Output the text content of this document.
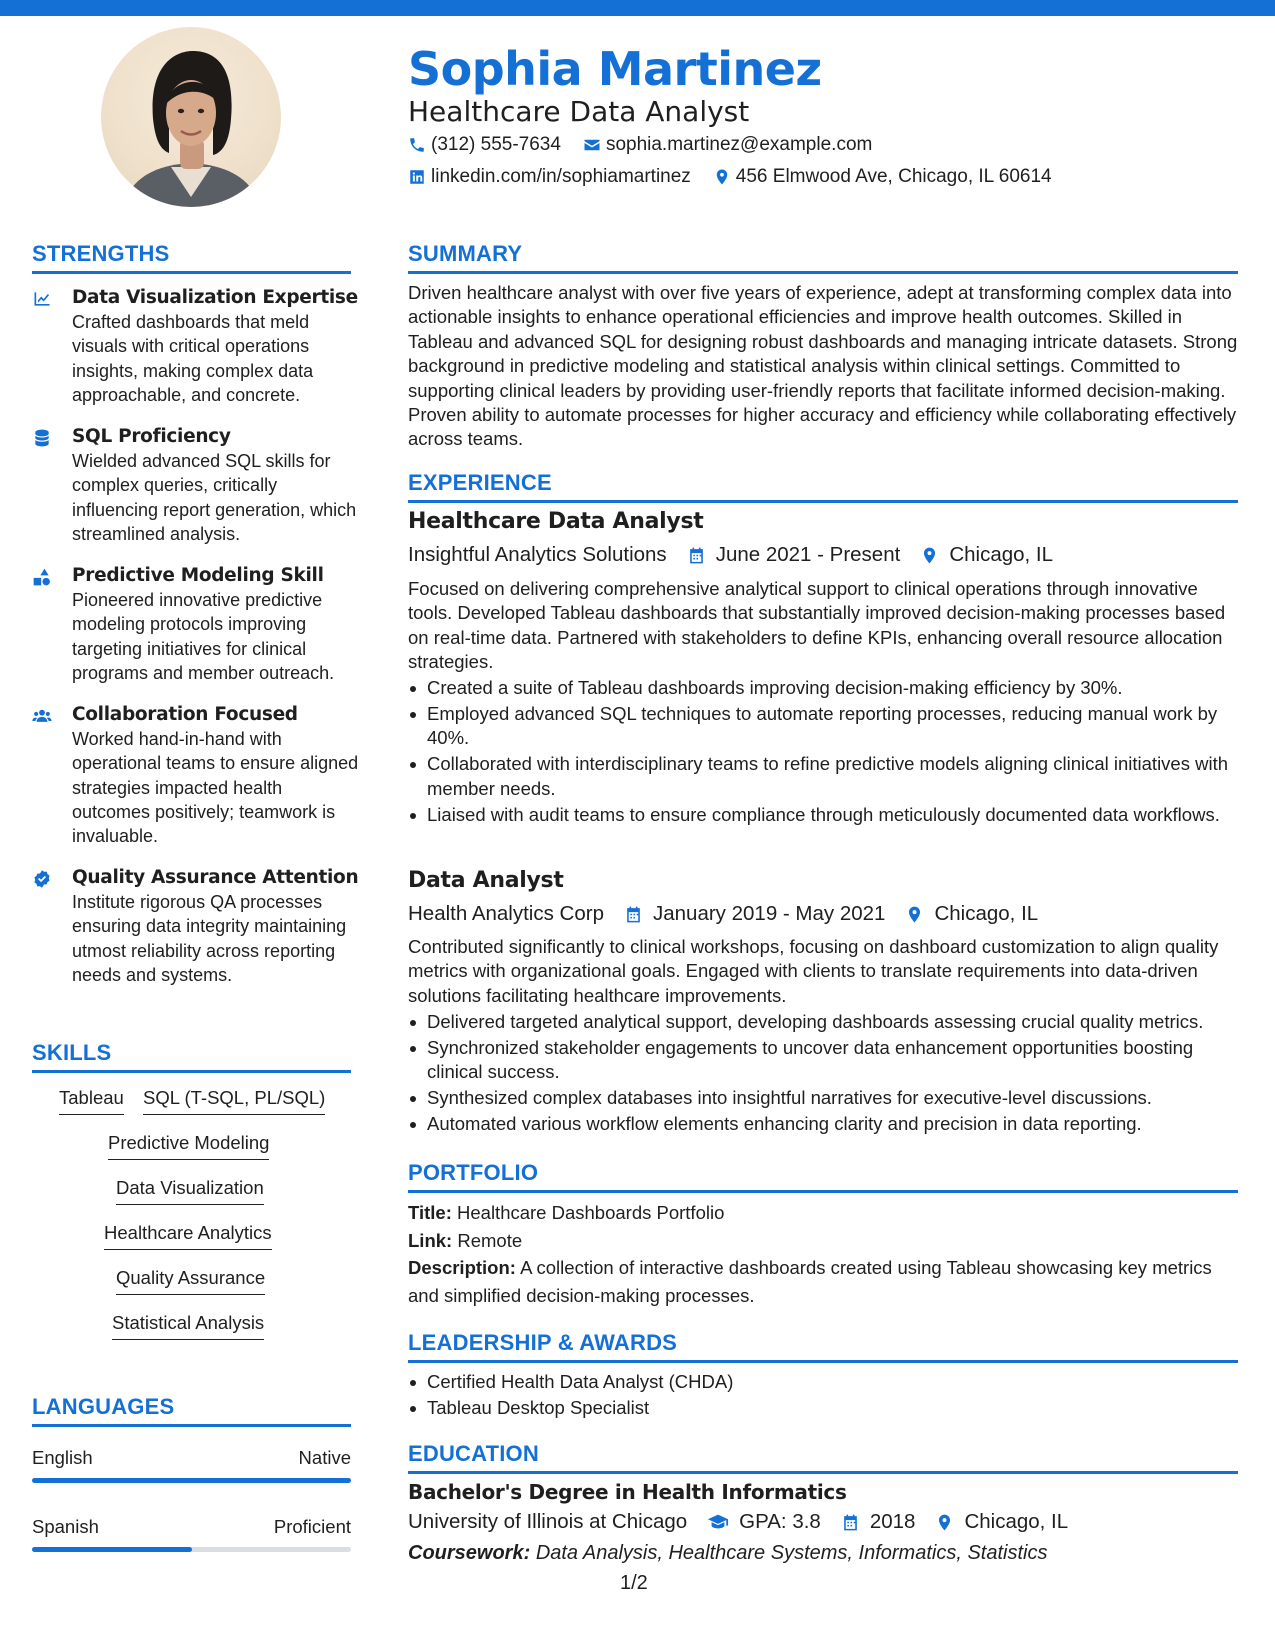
Sophia Martinez
Healthcare Data Analyst
(312) 555-7634 sophia.martinez@example.com
linkedin.com/in/sophiamartinez 456 Elmwood Ave, Chicago, IL 60614
STRENGTHS
Data Visualization Expertise
Crafted dashboards that meld visuals with critical operations insights, making complex data approachable, and concrete.
SQL Proficiency
Wielded advanced SQL skills for complex queries, critically influencing report generation, which streamlined analysis.
Predictive Modeling Skill
Pioneered innovative predictive modeling protocols improving targeting initiatives for clinical programs and member outreach.
Collaboration Focused
Worked hand-in-hand with operational teams to ensure aligned strategies impacted health outcomes positively; teamwork is invaluable.
Quality Assurance Attention
Institute rigorous QA processes ensuring data integrity maintaining utmost reliability across reporting needs and systems.
SKILLS
Tableau SQL (T-SQL, PL/SQL)
Predictive Modeling
Data Visualization
Healthcare Analytics
Quality Assurance
Statistical Analysis
LANGUAGES
English	Native
Spanish	Proficient
SUMMARY
Driven healthcare analyst with over five years of experience, adept at transforming complex data into actionable insights to enhance operational efficiencies and improve health outcomes. Skilled in Tableau and advanced SQL for designing robust dashboards and managing intricate datasets. Strong background in predictive modeling and statistical analysis within clinical settings. Committed to supporting clinical leaders by providing user-friendly reports that facilitate informed decision-making. Proven ability to automate processes for higher accuracy and efficiency while collaborating effectively across teams.
EXPERIENCE
Healthcare Data Analyst
Insightful Analytics Solutions June 2021 - Present Chicago, IL
Focused on delivering comprehensive analytical support to clinical operations through innovative tools. Developed Tableau dashboards that substantially improved decision-making processes based on real-time data. Partnered with stakeholders to define KPIs, enhancing overall resource allocation strategies.
Created a suite of Tableau dashboards improving decision-making efficiency by 30%.
Employed advanced SQL techniques to automate reporting processes, reducing manual work by 40%.
Collaborated with interdisciplinary teams to refine predictive models aligning clinical initiatives with member needs.
Liaised with audit teams to ensure compliance through meticulously documented data workflows.
Data Analyst
Health Analytics Corp January 2019 - May 2021 Chicago, IL
Contributed significantly to clinical workshops, focusing on dashboard customization to align quality metrics with organizational goals. Engaged with clients to translate requirements into data-driven solutions facilitating healthcare improvements.
Delivered targeted analytical support, developing dashboards assessing crucial quality metrics.
Synchronized stakeholder engagements to uncover data enhancement opportunities boosting clinical success.
Synthesized complex databases into insightful narratives for executive-level discussions.
Automated various workflow elements enhancing clarity and precision in data reporting.
PORTFOLIO
Title: Healthcare Dashboards Portfolio
Link: Remote
Description: A collection of interactive dashboards created using Tableau showcasing key metrics and simplified decision-making processes.
LEADERSHIP & AWARDS
Certified Health Data Analyst (CHDA)
Tableau Desktop Specialist
EDUCATION
Bachelor's Degree in Health Informatics
University of Illinois at Chicago	GPA: 3.8 2018 Chicago, IL
Coursework: Data Analysis, Healthcare Systems, Informatics, Statistics
1/2
